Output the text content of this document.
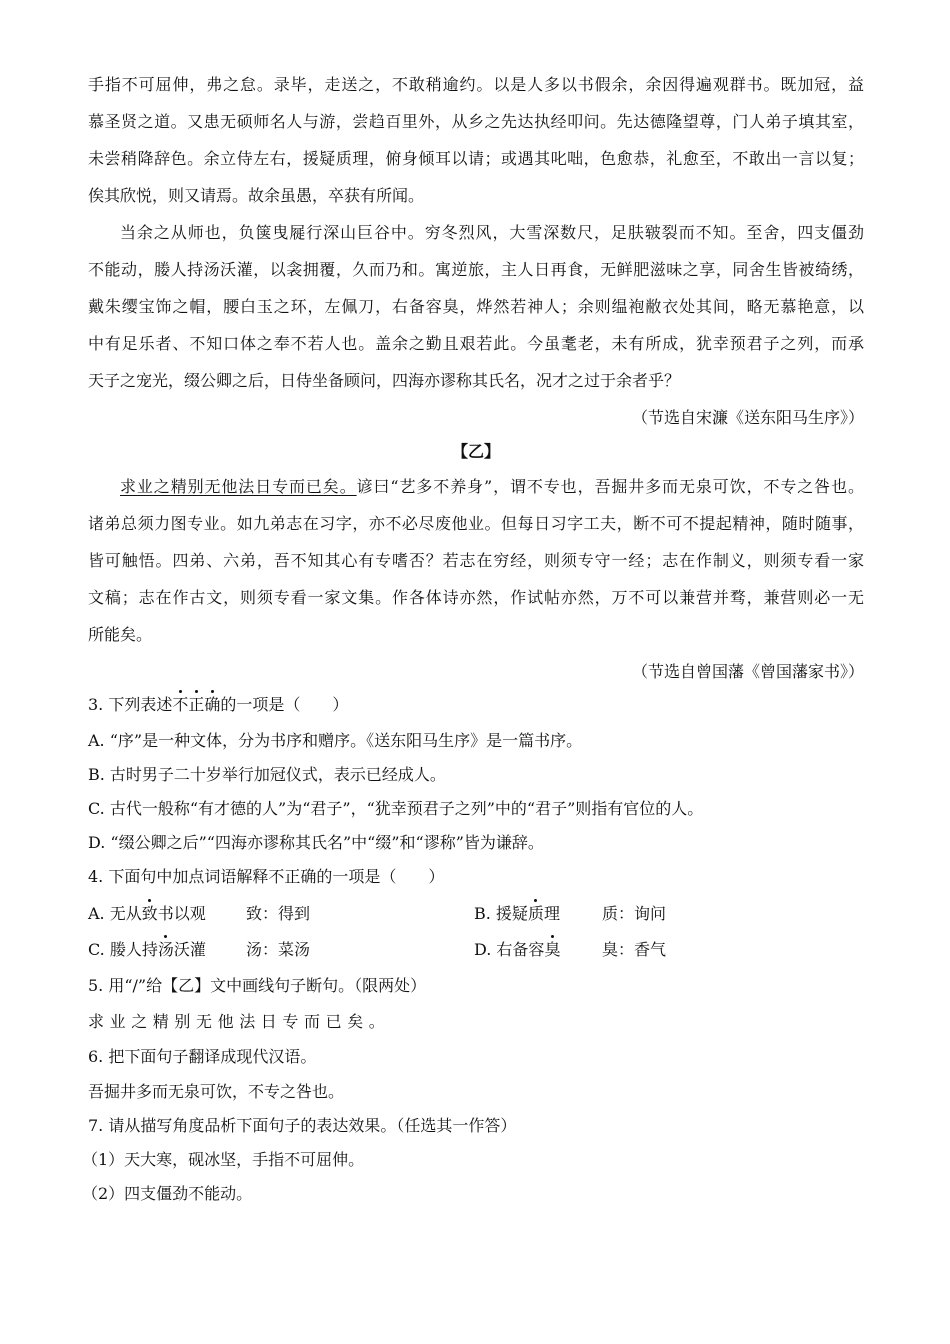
手指不可屈伸，弗之怠。录毕，走送之，不敢稍逾约。以是人多以书假余，余因得遍观群书。既加冠，益
慕圣贤之道。又患无硕师名人与游，尝趋百里外，从乡之先达执经叩问。先达德隆望尊，门人弟子填其室，
未尝稍降辞色。余立侍左右，援疑质理，俯身倾耳以请；或遇其叱咄，色愈恭，礼愈至，不敢出一言以复；
俟其欣悦，则又请焉。故余虽愚，卒获有所闻。
当余之从师也，负箧曳屣行深山巨谷中。穷冬烈风，大雪深数尺，足肤皲裂而不知。至舍，四支僵劲
不能动，媵人持汤沃灌，以衾拥覆，久而乃和。寓逆旅，主人日再食，无鲜肥滋味之享，同舍生皆被绮绣，
戴朱缨宝饰之帽，腰白玉之环，左佩刀，右备容臭，烨然若神人；余则缊袍敝衣处其间，略无慕艳意，以
中有足乐者、不知口体之奉不若人也。盖余之勤且艰若此。今虽耄老，未有所成，犹幸预君子之列，而承
天子之宠光，缀公卿之后，日侍坐备顾问，四海亦谬称其氏名，况才之过于余者乎？
（节选自宋濂《送东阳马生序》）
【乙】
求业之精别无他法日专而已矣。谚曰“艺多不养身”，谓不专也，吾掘井多而无泉可饮，不专之咎也。
诸弟总须力图专业。如九弟志在习字，亦不必尽废他业。但每日习字工夫，断不可不提起精神，随时随事，
皆可触悟。四弟、六弟，吾不知其心有专嗜否？若志在穷经，则须专守一经；志在作制义，则须专看一家
文稿；志在作古文，则须专看一家文集。作各体诗亦然，作试帖亦然，万不可以兼营并骛，兼营则必一无
所能矣。
（节选自曾国藩《曾国藩家书》）
3. 下列表述不正确的一项是（　　）
A. “序”是一种文体，分为书序和赠序。《送东阳马生序》是一篇书序。
B. 古时男子二十岁举行加冠仪式，表示已经成人。
C. 古代一般称“有才德的人”为“君子”，“犹幸预君子之列”中的“君子”则指有官位的人。
D. “缀公卿之后”“四海亦谬称其氏名”中“缀”和“谬称”皆为谦辞。
4. 下面句中加点词语解释不正确的一项是（　　）
A. 无从致书以观	致：得到	B. 援疑质理	质：询问
C. 媵人持汤沃灌	汤：菜汤	D. 右备容臭	臭：香气
5. 用“/”给【乙】文中画线句子断句。（限两处）
求业之精别无他法日专而已矣。
6. 把下面句子翻译成现代汉语。
吾掘井多而无泉可饮，不专之咎也。
7. 请从描写角度品析下面句子的表达效果。（任选其一作答）
（1）天大寒，砚冰坚，手指不可屈伸。
（2）四支僵劲不能动。
